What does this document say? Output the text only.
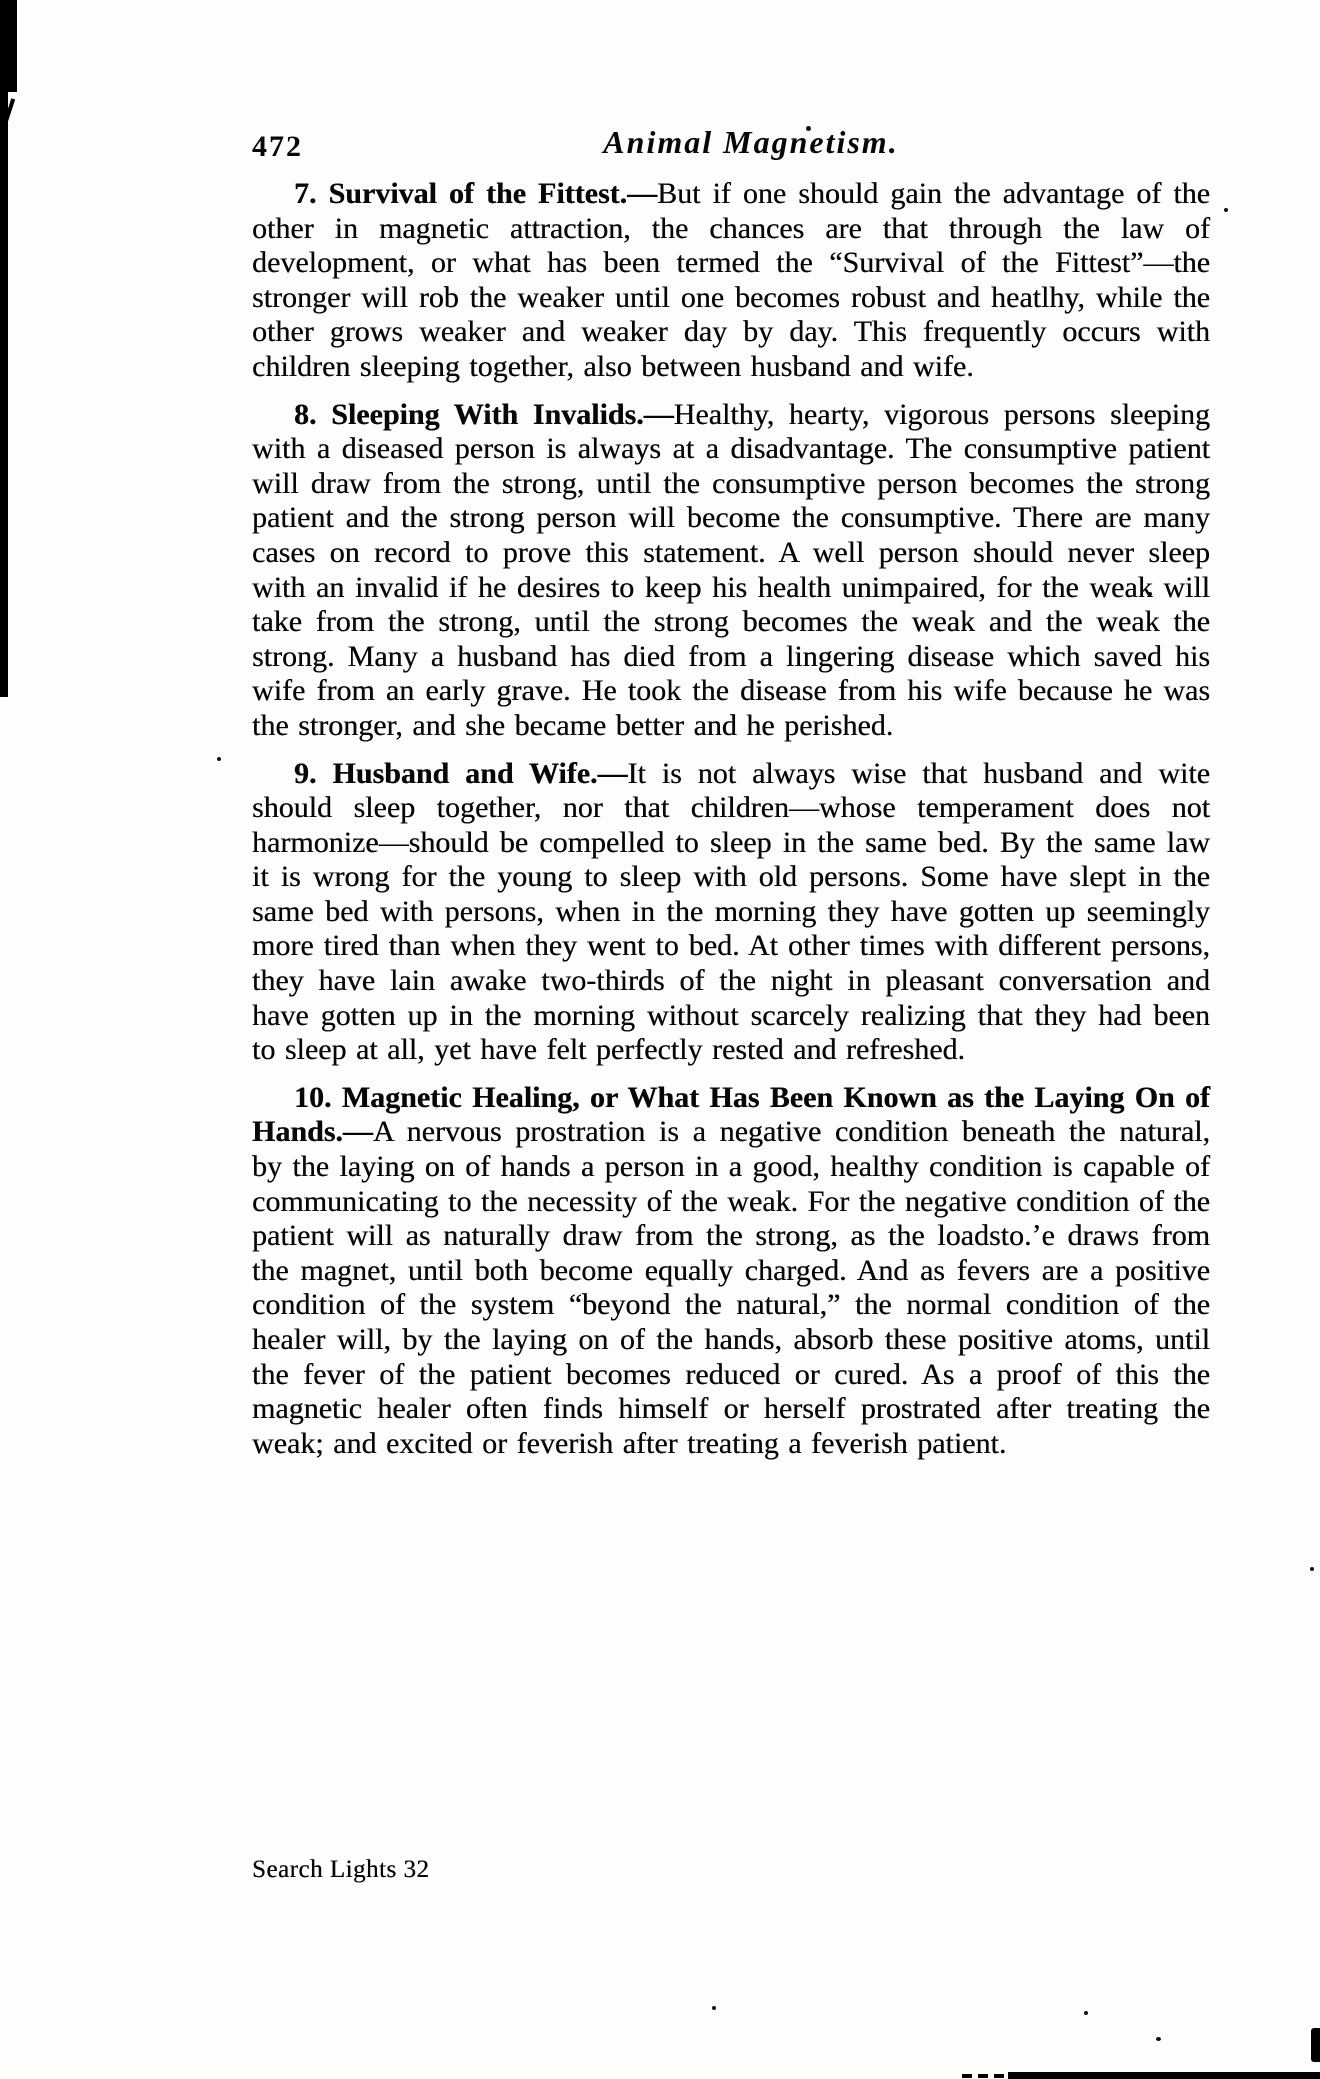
472	Animal Magnetism.

7. Survival of the Fittest.—But if one should gain the advantage of the other in magnetic attraction, the chances are that through the law of development, or what has been termed the “Survival of the Fittest”—the stronger will rob the weaker until one becomes robust and heatlhy, while the other grows weaker and weaker day by day. This frequently occurs with children sleeping together, also between husband and wife.

8. Sleeping With Invalids.—Healthy, hearty, vigorous persons sleeping with a diseased person is always at a disadvantage. The consumptive patient will draw from the strong, until the consumptive person becomes the strong patient and the strong person will become the consumptive. There are many cases on record to prove this statement. A well person should never sleep with an invalid if he desires to keep his health unimpaired, for the weak will take from the strong, until the strong becomes the weak and the weak the strong. Many a husband has died from a lingering disease which saved his wife from an early grave. He took the disease from his wife because he was the stronger, and she became better and he perished.

9. Husband and Wife.—It is not always wise that husband and wite should sleep together, nor that children—whose temperament does not harmonize—should be compelled to sleep in the same bed. By the same law it is wrong for the young to sleep with old persons. Some have slept in the same bed with persons, when in the morning they have gotten up seemingly more tired than when they went to bed. At other times with different persons, they have lain awake two-thirds of the night in pleasant conversation and have gotten up in the morning without scarcely realizing that they had been to sleep at all, yet have felt perfectly rested and refreshed.

10. Magnetic Healing, or What Has Been Known as the Laying On of Hands.—A nervous prostration is a negative condition beneath the natural, by the laying on of hands a person in a good, healthy condition is capable of communicating to the necessity of the weak. For the negative condition of the patient will as naturally draw from the strong, as the loadsto.ʼe draws from the magnet, until both become equally charged. And as fevers are a positive condition of the system “beyond the natural,” the normal condition of the healer will, by the laying on of the hands, absorb these positive atoms, until the fever of the patient becomes reduced or cured. As a proof of this the magnetic healer often finds himself or herself prostrated after treating the weak; and excited or feverish after treating a feverish patient.

Search Lights 32
